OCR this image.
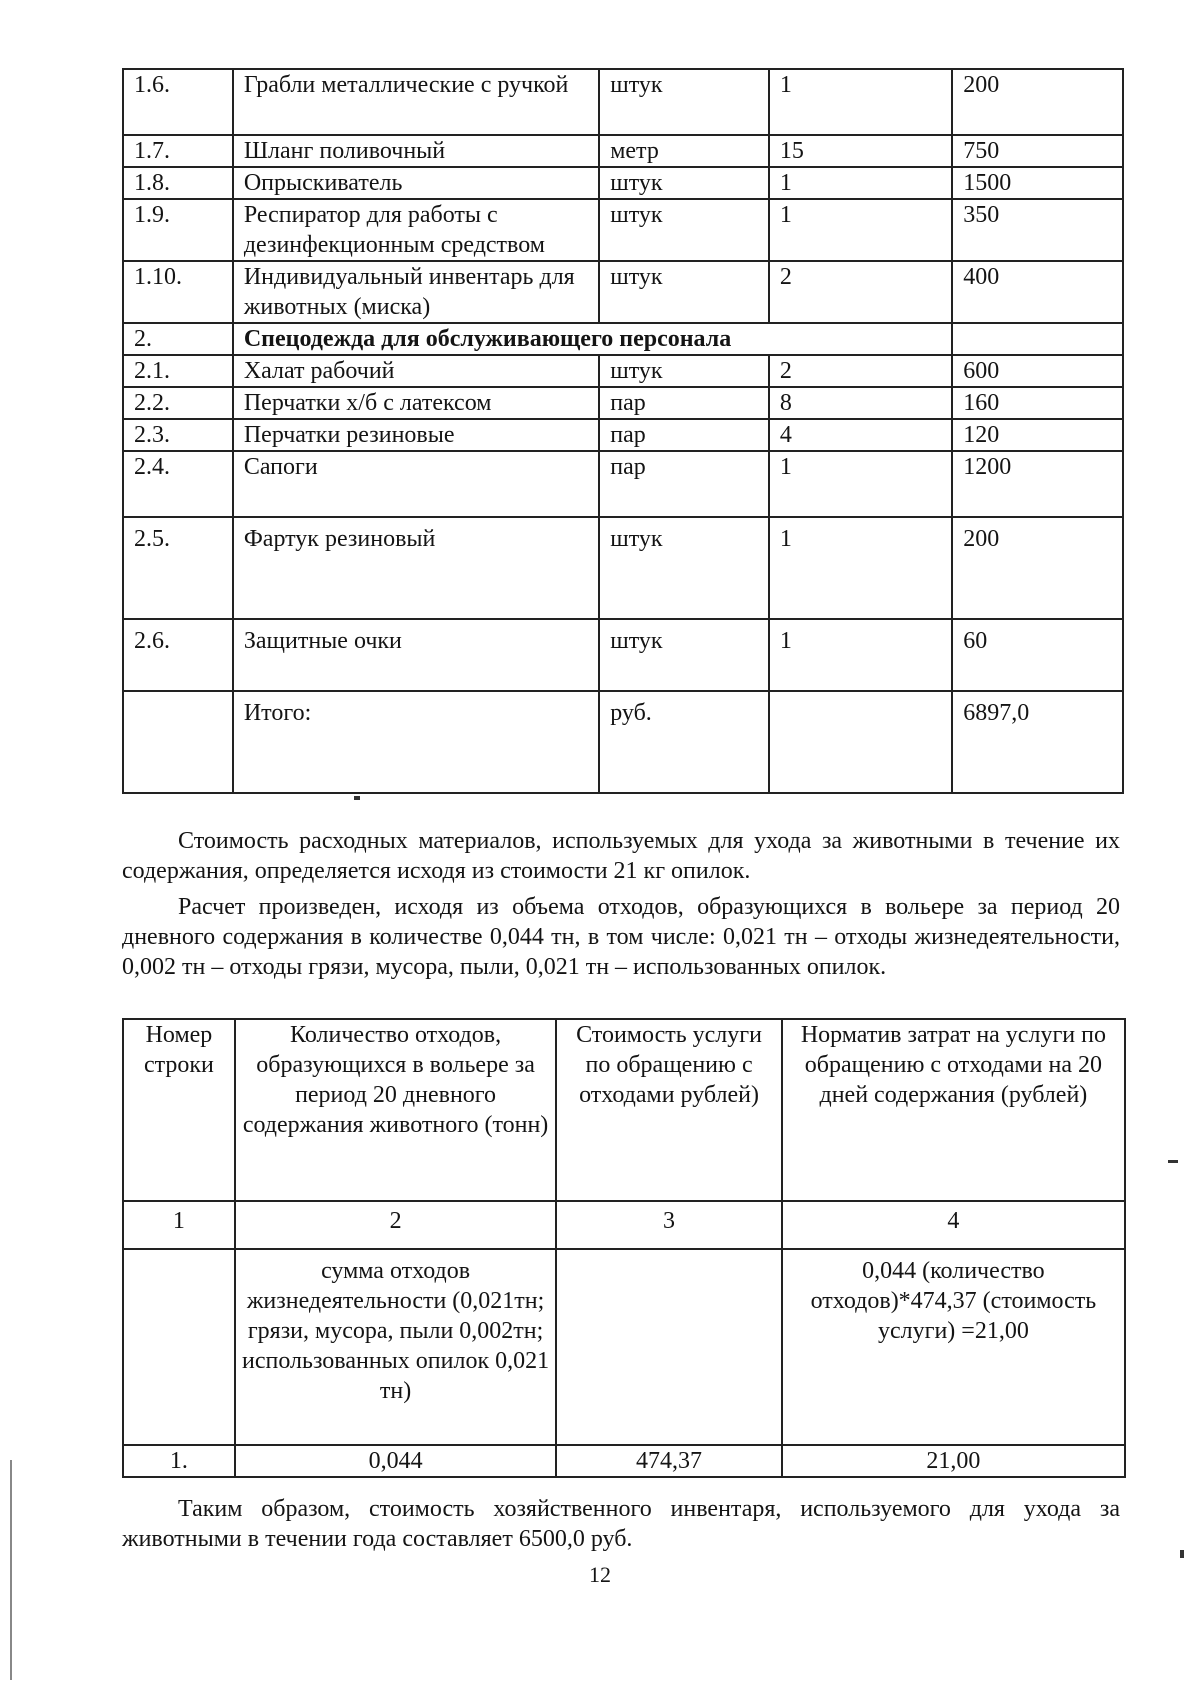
1.6.	Грабли металлические с ручкой	штук	1	200
1.7.	Шланг поливочный	метр	15	750
1.8.	Опрыскиватель	штук	1	1500
1.9.	Респиратор для работы с дезинфекционным средством	штук	1	350
1.10.	Индивидуальный инвентарь для животных (миска)	штук	2	400
2.	Спецодежда для обслуживающего персонала			
2.1.	Халат рабочий	штук	2	600
2.2.	Перчатки х/б с латексом	пар	8	160
2.3.	Перчатки резиновые	пар	4	120
2.4.	Сапоги	пар	1	1200
2.5.	Фартук резиновый	штук	1	200
2.6.	Защитные очки	штук	1	60
	Итого:	руб.		6897,0

Стоимость расходных материалов, используемых для ухода за животными в течение их содержания, определяется исходя из стоимости 21 кг опилок.

Расчет произведен, исходя из объема отходов, образующихся в вольере за период 20 дневного содержания в количестве 0,044 тн, в том числе: 0,021 тн – отходы жизнедеятельности, 0,002 тн – отходы грязи, мусора, пыли, 0,021 тн – использованных опилок.

Номер строки	Количество отходов, образующихся в вольере за период 20 дневного содержания животного (тонн)	Стоимость услуги по обращению с отходами рублей)	Норматив затрат на услуги по обращению с отходами на 20 дней содержания (рублей)
1	2	3	4
	сумма отходов жизнедеятельности (0,021тн; грязи, мусора, пыли 0,002тн; использованных опилок 0,021 тн)		0,044 (количество отходов)*474,37 (стоимость услуги) =21,00
1.	0,044	474,37	21,00

Таким образом, стоимость хозяйственного инвентаря, используемого для ухода за животными в течении года составляет 6500,0 руб.

12
